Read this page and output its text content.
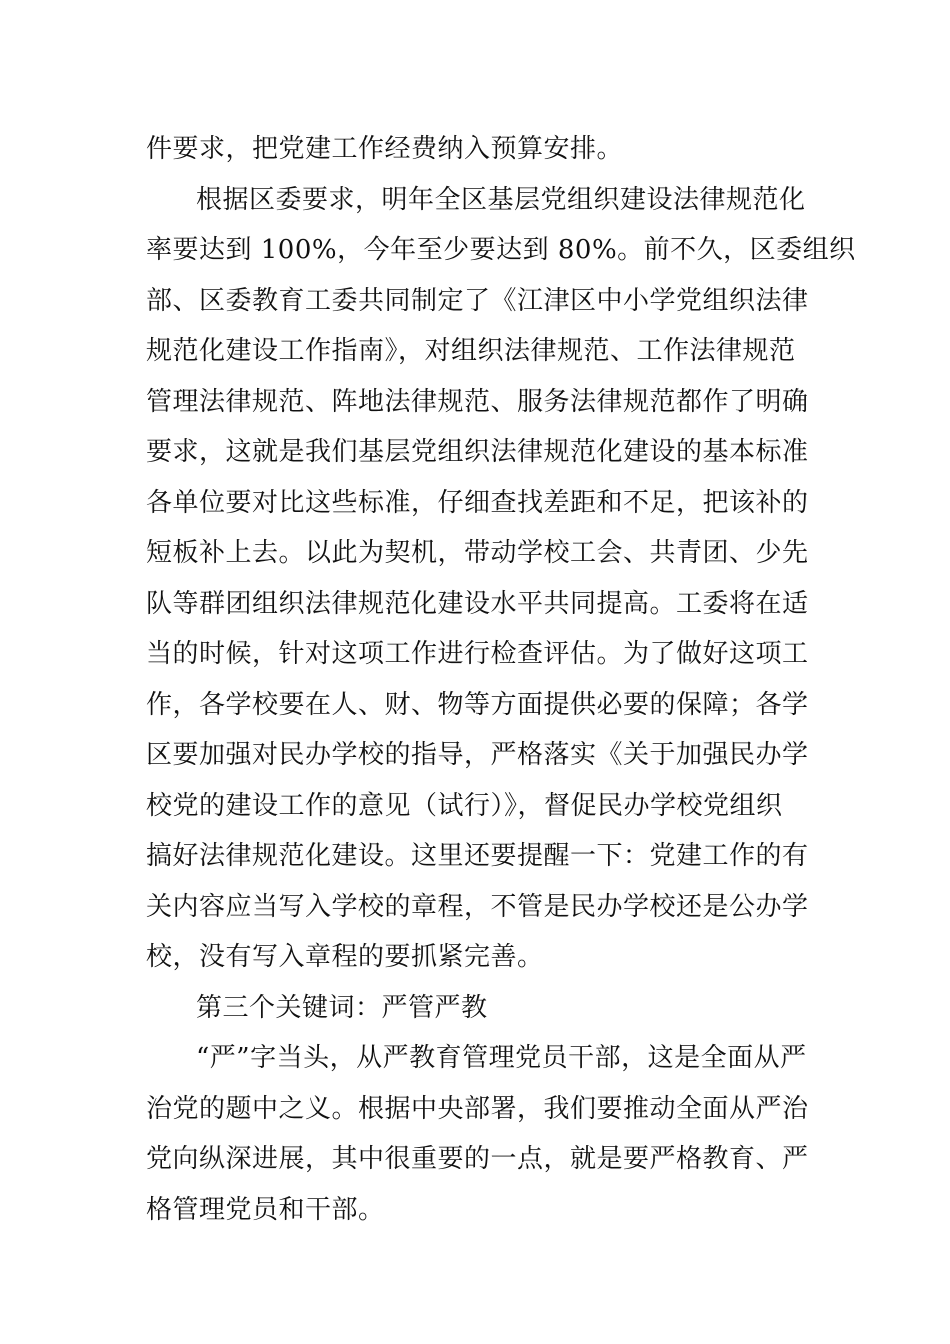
件要求，把党建工作经费纳入预算安排。
根据区委要求，明年全区基层党组织建设法律规范化
率要达到 100%，今年至少要达到 80%。前不久，区委组织
部、区委教育工委共同制定了《江津区中小学党组织法律
规范化建设工作指南》，对组织法律规范、工作法律规范
管理法律规范、阵地法律规范、服务法律规范都作了明确
要求，这就是我们基层党组织法律规范化建设的基本标准
各单位要对比这些标准，仔细查找差距和不足，把该补的
短板补上去。以此为契机，带动学校工会、共青团、少先
队等群团组织法律规范化建设水平共同提高。工委将在适
当的时候，针对这项工作进行检查评估。为了做好这项工
作，各学校要在人、财、物等方面提供必要的保障；各学
区要加强对民办学校的指导，严格落实《关于加强民办学
校党的建设工作的意见（试行）》，督促民办学校党组织
搞好法律规范化建设。这里还要提醒一下：党建工作的有
关内容应当写入学校的章程，不管是民办学校还是公办学
校，没有写入章程的要抓紧完善。
第三个关键词：严管严教
“严”字当头，从严教育管理党员干部，这是全面从严
治党的题中之义。根据中央部署，我们要推动全面从严治
党向纵深进展，其中很重要的一点，就是要严格教育、严
格管理党员和干部。
